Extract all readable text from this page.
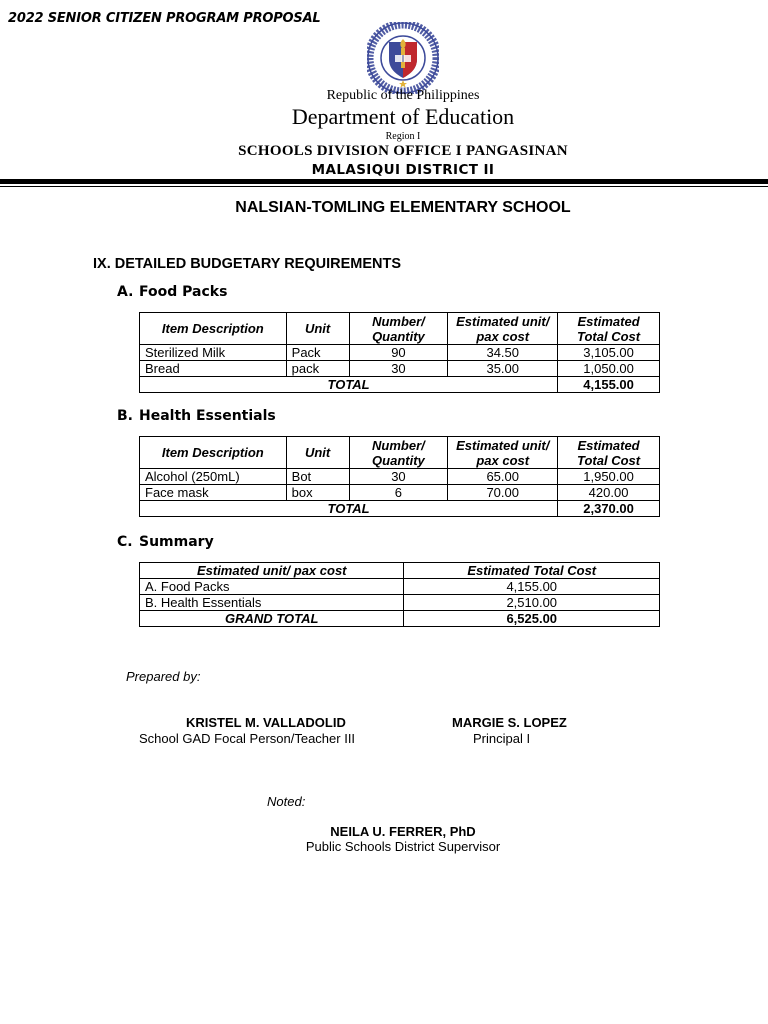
2022 SENIOR CITIZEN PROGRAM PROPOSAL
Republic of the Philippines
Department of Education
Region I
SCHOOLS DIVISION OFFICE I PANGASINAN
MALASIQUI DISTRICT II
NALSIAN-TOMLING ELEMENTARY SCHOOL
IX. DETAILED BUDGETARY REQUIREMENTS
A. Food Packs
Item Description	Unit	Number/ Quantity	Estimated unit/ pax cost	Estimated Total Cost
Sterilized Milk	Pack	90	34.50	3,105.00
Bread	pack	30	35.00	1,050.00
TOTAL				4,155.00
B. Health Essentials
Item Description	Unit	Number/ Quantity	Estimated unit/ pax cost	Estimated Total Cost
Alcohol (250mL)	Bot	30	65.00	1,950.00
Face mask	box	6	70.00	420.00
TOTAL				2,370.00
C. Summary
Estimated unit/ pax cost	Estimated Total Cost
A. Food Packs	4,155.00
B. Health Essentials	2,510.00
GRAND TOTAL	6,525.00
Prepared by:
KRISTEL M. VALLADOLID
School GAD Focal Person/Teacher III
MARGIE S. LOPEZ
Principal I
Noted:
NEILA U. FERRER, PhD
Public Schools District Supervisor
